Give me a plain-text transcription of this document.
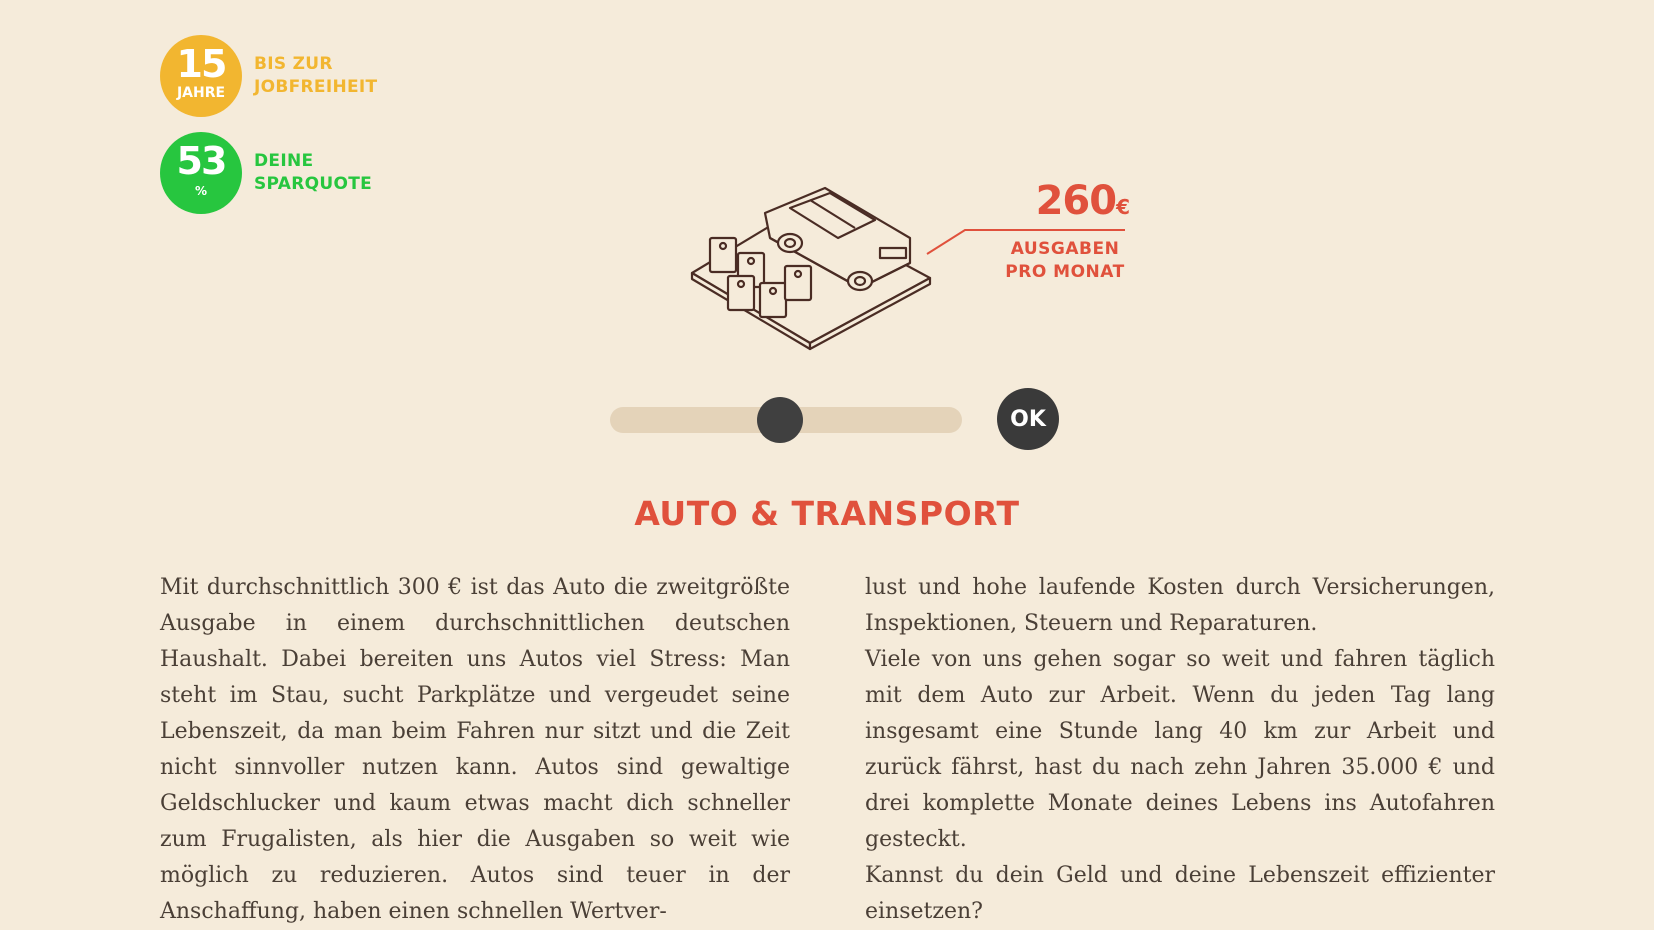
15
JAHRE
BIS ZUR
JOBFREIHEIT
53
%
DEINE
SPARQUOTE	260€
AUSGABEN
PRO MONAT
OK
AUTO & TRANSPORT

Mit durchschnittlich 300 € ist das Auto die zweitgrößte Ausgabe in einem durchschnittlichen deutschen Haushalt. Dabei bereiten uns Autos viel Stress: Man steht im Stau, sucht Parkplätze und vergeudet seine Lebenszeit, da man beim Fahren nur sitzt und die Zeit nicht sinnvoller nutzen kann. Autos sind gewaltige Geldschlucker und kaum etwas macht dich schneller zum Frugalisten, als hier die Ausgaben so weit wie möglich zu reduzieren. Autos sind teuer in der Anschaffung, haben einen schnellen Wertver-

lust und hohe laufende Kosten durch Versicherungen, Inspektionen, Steuern und Reparaturen.

Viele von uns gehen sogar so weit und fahren täglich mit dem Auto zur Arbeit. Wenn du jeden Tag lang insgesamt eine Stunde lang 40 km zur Arbeit und zurück fährst, hast du nach zehn Jahren 35.000 € und drei komplette Monate deines Lebens ins Autofahren gesteckt.

Kannst du dein Geld und deine Lebenszeit effizienter einsetzen?
